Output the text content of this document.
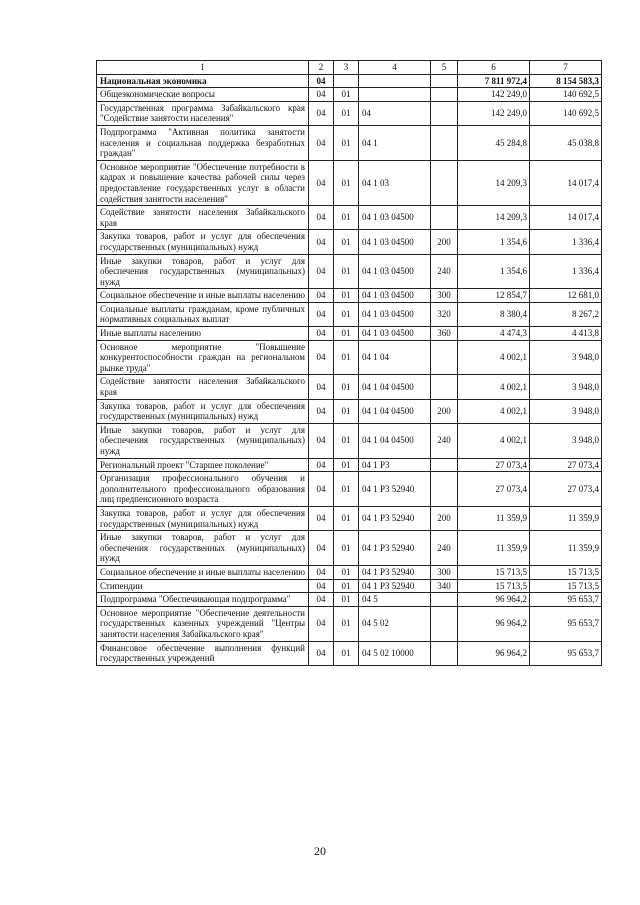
1	2	3	4	5	6	7
Национальная экономика	04				7 811 972,4	8 154 583,3
Общеэкономические вопросы	04	01			142 249,0	140 692,5
Государственная программа Забайкальского края "Содействие занятости населения"	04	01	04		142 249,0	140 692,5
Подпрограмма "Активная политика занятости населения и социальная поддержка безработных граждан"	04	01	04 1		45 284,8	45 038,8
Основное мероприятие "Обеспечение потребности в кадрах и повышение качества рабочей силы через предоставление государственных услуг в области содействия занятости населения"	04	01	04 1 03		14 209,3	14 017,4
Содействие занятости населения Забайкальского края	04	01	04 1 03 04500		14 209,3	14 017,4
Закупка товаров, работ и услуг для обеспечения государственных (муниципальных) нужд	04	01	04 1 03 04500	200	1 354,6	1 336,4
Иные закупки товаров, работ и услуг для обеспечения государственных (муниципальных) нужд	04	01	04 1 03 04500	240	1 354,6	1 336,4
Социальное обеспечение и иные выплаты населению	04	01	04 1 03 04500	300	12 854,7	12 681,0
Социальные выплаты гражданам, кроме публичных нормативных социальных выплат	04	01	04 1 03 04500	320	8 380,4	8 267,2
Иные выплаты населению	04	01	04 1 03 04500	360	4 474,3	4 413,8
Основное мероприятие "Повышение конкурентоспособности граждан на региональном рынке труда"	04	01	04 1 04		4 002,1	3 948,0
Содействие занятости населения Забайкальского края	04	01	04 1 04 04500		4 002,1	3 948,0
Закупка товаров, работ и услуг для обеспечения государственных (муниципальных) нужд	04	01	04 1 04 04500	200	4 002,1	3 948,0
Иные закупки товаров, работ и услуг для обеспечения государственных (муниципальных) нужд	04	01	04 1 04 04500	240	4 002,1	3 948,0
Региональный проект "Старшее поколение"	04	01	04 1 P3		27 073,4	27 073,4
Организация профессионального обучения и дополнительного профессионального образования лиц предпенсионного возраста	04	01	04 1 P3 52940		27 073,4	27 073,4
Закупка товаров, работ и услуг для обеспечения государственных (муниципальных) нужд	04	01	04 1 P3 52940	200	11 359,9	11 359,9
Иные закупки товаров, работ и услуг для обеспечения государственных (муниципальных) нужд	04	01	04 1 P3 52940	240	11 359,9	11 359,9
Социальное обеспечение и иные выплаты населению	04	01	04 1 P3 52940	300	15 713,5	15 713,5
Стипендии	04	01	04 1 P3 52940	340	15 713,5	15 713,5
Подпрограмма "Обеспечивающая подпрограмма"	04	01	04 5		96 964,2	95 653,7
Основное мероприятие "Обеспечение деятельности государственных казенных учреждений "Центры занятости населения Забайкальского края"	04	01	04 5 02		96 964,2	95 653,7
Финансовое обеспечение выполнения функций государственных учреждений	04	01	04 5 02 10000		96 964,2	95 653,7
20
